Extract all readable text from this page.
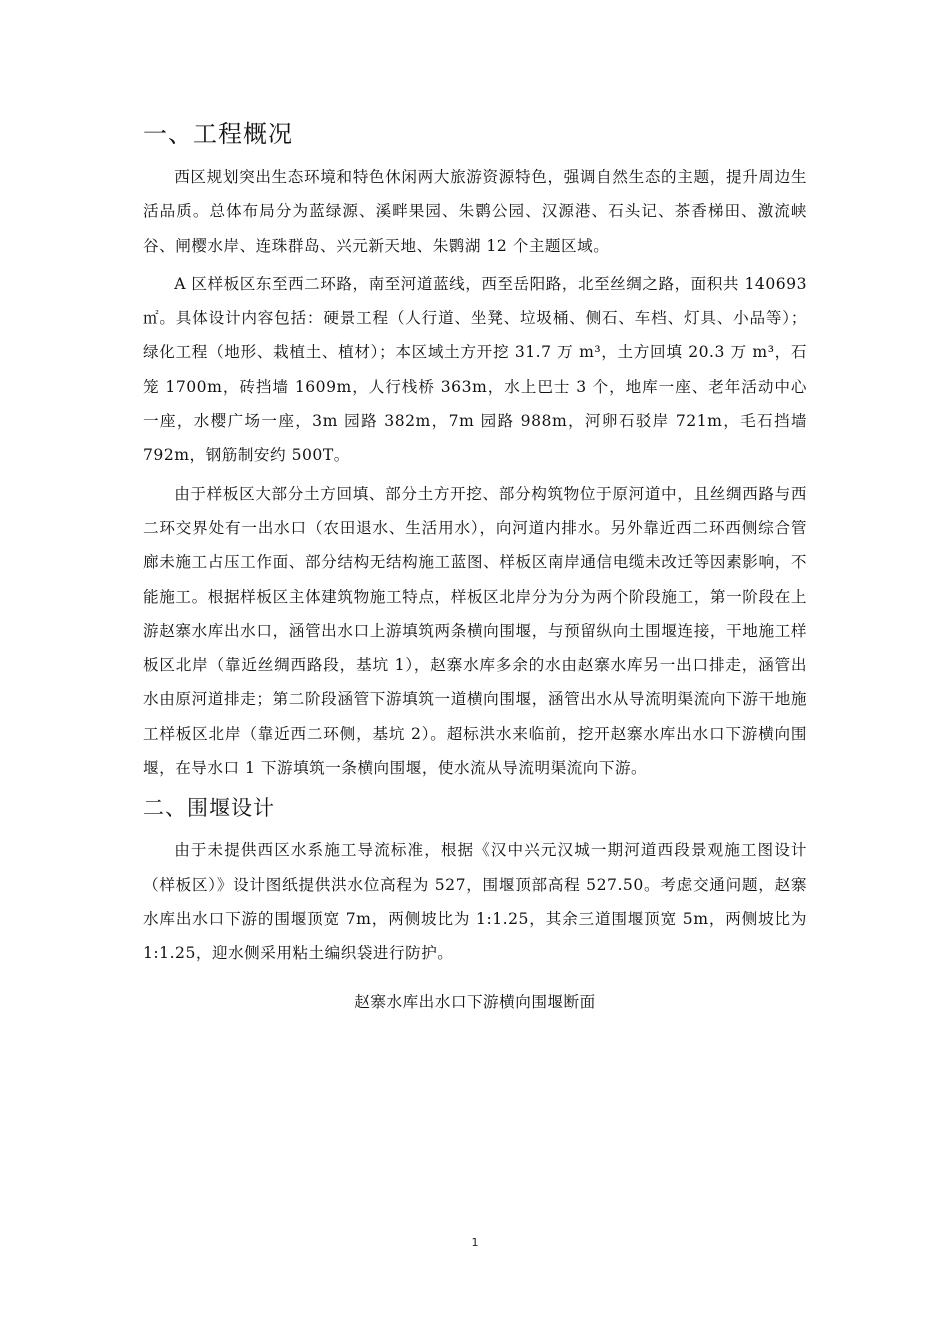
一、工程概况

西区规划突出生态环境和特色休闲两大旅游资源特色，强调自然生态的主题，提升周边生活品质。总体布局分为蓝绿源、溪畔果园、朱鹮公园、汉源港、石头记、茶香梯田、激流峡谷、闸樱水岸、连珠群岛、兴元新天地、朱鹮湖 12 个主题区域。

A 区样板区东至西二环路，南至河道蓝线，西至岳阳路，北至丝绸之路，面积共 140693 ㎡。具体设计内容包括：硬景工程（人行道、坐凳、垃圾桶、侧石、车档、灯具、小品等）；绿化工程（地形、栽植土、植材）；本区域土方开挖 31.7 万 m³，土方回填 20.3 万 m³，石笼 1700m，砖挡墙 1609m，人行栈桥 363m，水上巴士 3 个，地库一座、老年活动中心一座，水樱广场一座，3m 园路 382m，7m 园路 988m，河卵石驳岸 721m，毛石挡墙 792m，钢筋制安约 500T。

由于样板区大部分土方回填、部分土方开挖、部分构筑物位于原河道中，且丝绸西路与西二环交界处有一出水口（农田退水、生活用水），向河道内排水。另外靠近西二环西侧综合管廊未施工占压工作面、部分结构无结构施工蓝图、样板区南岸通信电缆未改迁等因素影响，不能施工。根据样板区主体建筑物施工特点，样板区北岸分为分为两个阶段施工，第一阶段在上游赵寨水库出水口，涵管出水口上游填筑两条横向围堰，与预留纵向土围堰连接，干地施工样板区北岸（靠近丝绸西路段，基坑 1），赵寨水库多余的水由赵寨水库另一出口排走，涵管出水由原河道排走；第二阶段涵管下游填筑一道横向围堰，涵管出水从导流明渠流向下游干地施工样板区北岸（靠近西二环侧，基坑 2）。超标洪水来临前，挖开赵寨水库出水口下游横向围堰，在导水口 1 下游填筑一条横向围堰，使水流从导流明渠流向下游。

二、围堰设计

由于未提供西区水系施工导流标准，根据《汉中兴元汉城一期河道西段景观施工图设计（样板区）》设计图纸提供洪水位高程为 527，围堰顶部高程 527.50。考虑交通问题，赵寨水库出水口下游的围堰顶宽 7m，两侧坡比为 1:1.25，其余三道围堰顶宽 5m，两侧坡比为 1:1.25，迎水侧采用粘土编织袋进行防护。

赵寨水库出水口下游横向围堰断面
1
